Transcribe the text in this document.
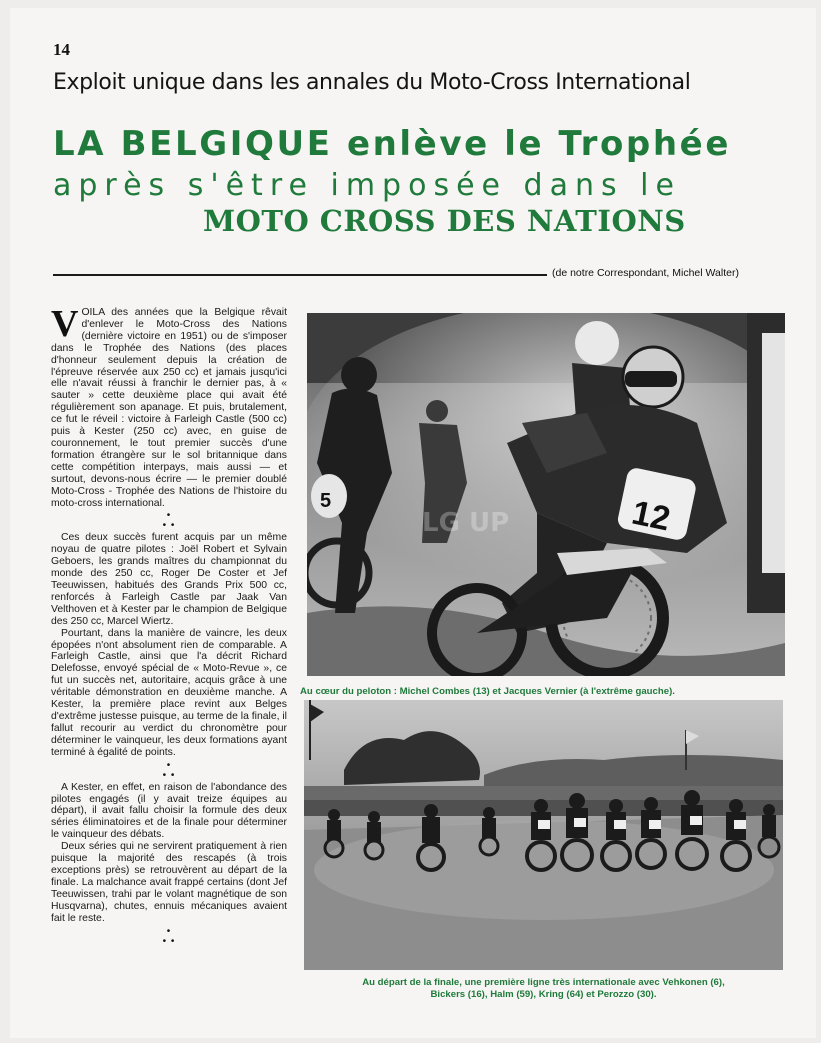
14
Exploit unique dans les annales du Moto-Cross International
LA BELGIQUE enlève le Trophée
après s'être imposée dans le
MOTO CROSS DES NATIONS
(de notre Correspondant, Michel Walter)

VOILA des années que la Belgique rêvait d'enlever le Moto-Cross des Nations (dernière victoire en 1951) ou de s'imposer dans le Trophée des Nations (des places d'honneur seulement depuis la création de l'épreuve réservée aux 250 cc) et jamais jusqu'ici elle n'avait réussi à franchir le dernier pas, à « sauter » cette deuxième place qui avait été régulièrement son apanage. Et puis, brutalement, ce fut le réveil : victoire à Farleigh Castle (500 cc) puis à Kester (250 cc) avec, en guise de couronnement, le tout premier succès d'une formation étrangère sur le sol britannique dans cette compétition interpays, mais aussi — et surtout, devons-nous écrire — le premier doublé Moto-Cross - Trophée des Nations de l'histoire du moto-cross international.

•
• •

Ces deux succès furent acquis par un même noyau de quatre pilotes : Joël Robert et Sylvain Geboers, les grands maîtres du championnat du monde des 250 cc, Roger De Coster et Jef Teeuwissen, habitués des Grands Prix 500 cc, renforcés à Farleigh Castle par Jaak Van Velthoven et à Kester par le champion de Belgique des 250 cc, Marcel Wiertz.

Pourtant, dans la manière de vaincre, les deux épopées n'ont absolument rien de comparable. A Farleigh Castle, ainsi que l'a décrit Richard Delefosse, envoyé spécial de « Moto-Revue », ce fut un succès net, autoritaire, acquis grâce à une véritable démonstration en deuxième manche. A Kester, la première place revint aux Belges d'extrême justesse puisque, au terme de la finale, il fallut recourir au verdict du chronomètre pour déterminer le vainqueur, les deux formations ayant terminé à égalité de points.

•
• •

A Kester, en effet, en raison de l'abondance des pilotes engagés (il y avait treize équipes au départ), il avait fallu choisir la formule des deux séries éliminatoires et de la finale pour déterminer le vainqueur des débats.

Deux séries qui ne servirent pratiquement à rien puisque la majorité des rescapés (à trois exceptions près) se retrouvèrent au départ de la finale. La malchance avait frappé certains (dont Jef Teeuwissen, trahi par le volant magnétique de son Husqvarna), chutes, ennuis mécaniques avaient fait le reste.

•
• •
5	12
LG UP
Au cœur du peloton : Michel Combes (13) et Jacques Vernier (à l'extrême gauche).
Au départ de la finale, une première ligne très internationale avec Vehkonen (6),
Bickers (16), Halm (59), Kring (64) et Perozzo (30).
